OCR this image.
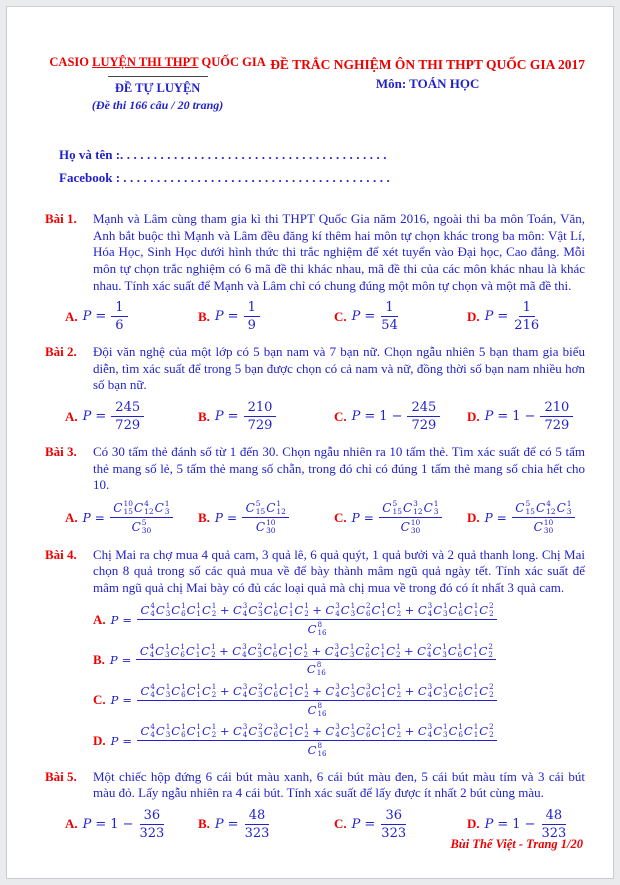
CASIO LUYỆN THI THPT QUỐC GIA
ĐỀ TỰ LUYỆN
(Đề thi 166 câu / 20 trang)
ĐỀ TRẮC NGHIỆM ÔN THI THPT QUỐC GIA 2017
Môn: TOÁN HỌC
Họ và tên :........................................
Facebook : ........................................
Bài 1. Mạnh và Lâm cùng tham gia kì thi THPT Quốc Gia năm 2016, ngoài thi ba môn Toán, Văn, Anh bắt buộc thì Mạnh và Lâm đều đăng kí thêm hai môn tự chọn khác trong ba môn: Vật Lí, Hóa Học, Sinh Học dưới hình thức thi trắc nghiệm để xét tuyển vào Đại học, Cao đẳng. Mỗi môn tự chọn trắc nghiệm có 6 mã đề thi khác nhau, mã đề thi của các môn khác nhau là khác nhau. Tính xác suất để Mạnh và Lâm chỉ có chung đúng một môn tự chọn và một mã đề thi.
A. $P = \frac{1}{6}$	B. $P = \frac{1}{9}$	C. $P = \frac{1}{54}$	D. $P = \frac{1}{216}$
Bài 2. Đội văn nghệ của một lớp có 5 bạn nam và 7 bạn nữ. Chọn ngẫu nhiên 5 bạn tham gia biểu diễn, tìm xác suất để trong 5 bạn được chọn có cả nam và nữ, đồng thời số bạn nam nhiều hơn số bạn nữ.
A. $P = \frac{245}{729}$	B. $P = \frac{210}{729}$	C. $P = 1 - \frac{245}{729} D$. $P = 1 - \frac{210}{729}$
Bài 3. Có 30 tấm thẻ đánh số từ 1 đến 30. Chọn ngẫu nhiên ra 10 tấm thẻ. Tìm xác suất để có 5 tấm thẻ mang số lẻ, 5 tấm thẻ mang số chẵn, trong đó chỉ có đúng 1 tấm thẻ mang số chia hết cho 10.
A. P = C 10
15 C 4
12 C 1
3
C 5
30 B. P = C 5
15 C 1
12
C 10
30	C. P = C 5
15 C 3
12 C 1
3
C 10
30 D. P = C 5
15 C 4
12 C 1
3
C 10
30
Bài 4. Chị Mai ra chợ mua 4 quả cam, 3 quả lê, 6 quả quýt, 1 quả bưởi và 2 quả thanh long. Chị Mai chọn 8 quả trong số các quả mua về để bày thành mâm ngũ quả ngày tết. Tính xác suất để mâm ngũ quả chị Mai bày có đủ các loại quả mà chị mua về trong đó có ít nhất 3 quả cam.
A. P =
C 4
4 C 1
3 C 1
6 C 1
1 C 1
2 + C 3
4 C 2
3 C 1
6 C 1
1 C 1
2 + C 3
4 C 1
3 C 2
6 C 1
1 C 1
2 + C 3
4 C 1
3 C 1
6 C 1
1 C 2
2
C 8
16
B. P =
C 4
4 C 1
3 C 1
6 C 1
1 C 1
2 + C 3
4 C 2
3 C 1
6 C 1
1 C 1
2 + C 3
4 C 1
3 C 2
6 C 1
1 C 1
2 + C 2
4 C 1
3 C 1
6 C 1
1 C 2
2
C 8
16
C. P =
C 4
4 C 1
3 C 1
6 C 1
1 C 1
2 + C 3
4 C 2
3 C 1
6 C 1
1 C 1
2 + C 3
4 C 1
3 C 3
6 C 1
1 C 1
2 + C 3
4 C 1
3 C 1
6 C 1
1 C 2
2
C 8
16
D. P =
C 4
4 C 1
3 C 1
6 C 1
1 C 1
2 + C 3
4 C 2
3 C 3
6 C 1
1 C 1
2 + C 3
4 C 1
3 C 2
6 C 1
1 C 1
2 + C 3
4 C 1
3 C 1
6 C 1
1 C 2
2
C 8
16
Bài 5. Một chiếc hộp đứng 6 cái bút màu xanh, 6 cái bút màu đen, 5 cái bút màu tím và 3 cái bút màu đỏ. Lấy ngẫu nhiên ra 4 cái bút. Tính xác suất để lấy được ít nhất 2 bút cùng màu.
A. $P = 1 - \frac{36}{323}$	B. $P = \frac{48}{323}$	C. $P = \frac{36}{323}$	D. $P = 1 - \frac{48}{323}$
Bùi Thế Việt - Trang 1/20
